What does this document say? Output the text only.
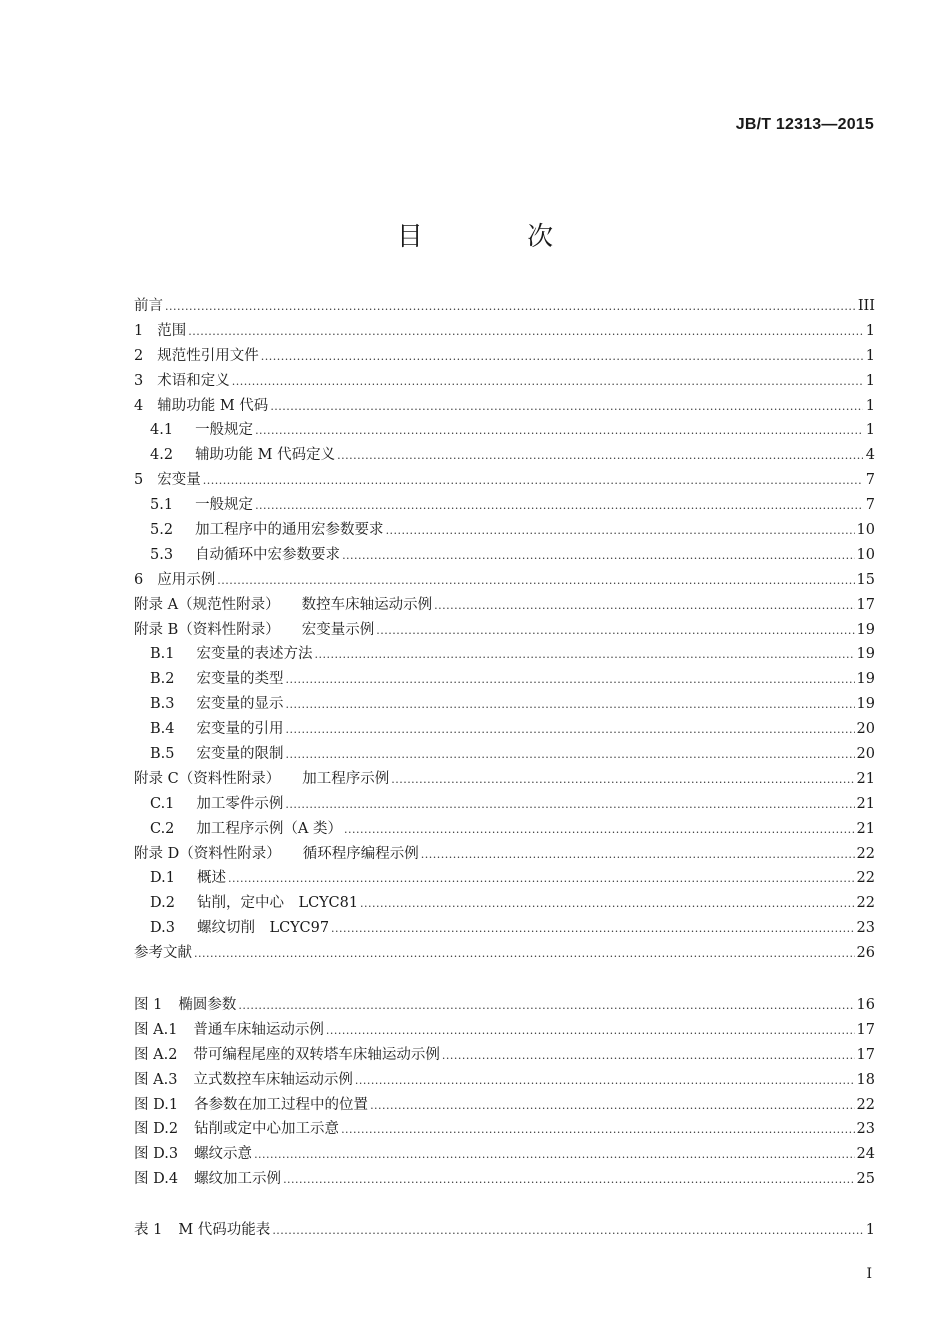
JB/T 12313—2015
目 次
前言 .....	III
1 范围 .....	1
2 规范性引用文件 .....	1
3 术语和定义 .....	1
4 辅助功能 M 代码 .....	1
4.1 一般规定 .....	1
4.2 辅助功能 M 代码定义 .....	4
5 宏变量 .....	7
5.1 一般规定 .....	7
5.2 加工程序中的通用宏参数要求 .....	10
5.3 自动循环中宏参数要求 .....	10
6 应用示例 .....	15
附录 A（规范性附录） 数控车床轴运动示例 .....	17
附录 B（资料性附录） 宏变量示例 .....	19
B.1 宏变量的表述方法 .....	19
B.2 宏变量的类型 .....	19
B.3 宏变量的显示 .....	19
B.4 宏变量的引用 .....	20
B.5 宏变量的限制 .....	20
附录 C（资料性附录） 加工程序示例 .....	21
C.1 加工零件示例 .....	21
C.2 加工程序示例（A 类） .....	21
附录 D（资料性附录） 循环程序编程示例 .....	22
D.1 概述 .....	22
D.2 钻削，定中心　LCYC81 .....	22
D.3 螺纹切削　LCYC97 .....	23
参考文献 .....	26
图 1 椭圆参数 .....	16
图 A.1 普通车床轴运动示例 .....	17
图 A.2 带可编程尾座的双转塔车床轴运动示例 .....	17
图 A.3 立式数控车床轴运动示例 .....	18
图 D.1 各参数在加工过程中的位置 .....	22
图 D.2 钻削或定中心加工示意 .....	23
图 D.3 螺纹示意 .....	24
图 D.4 螺纹加工示例 .....	25
表 1 M 代码功能表 .....	1
I
